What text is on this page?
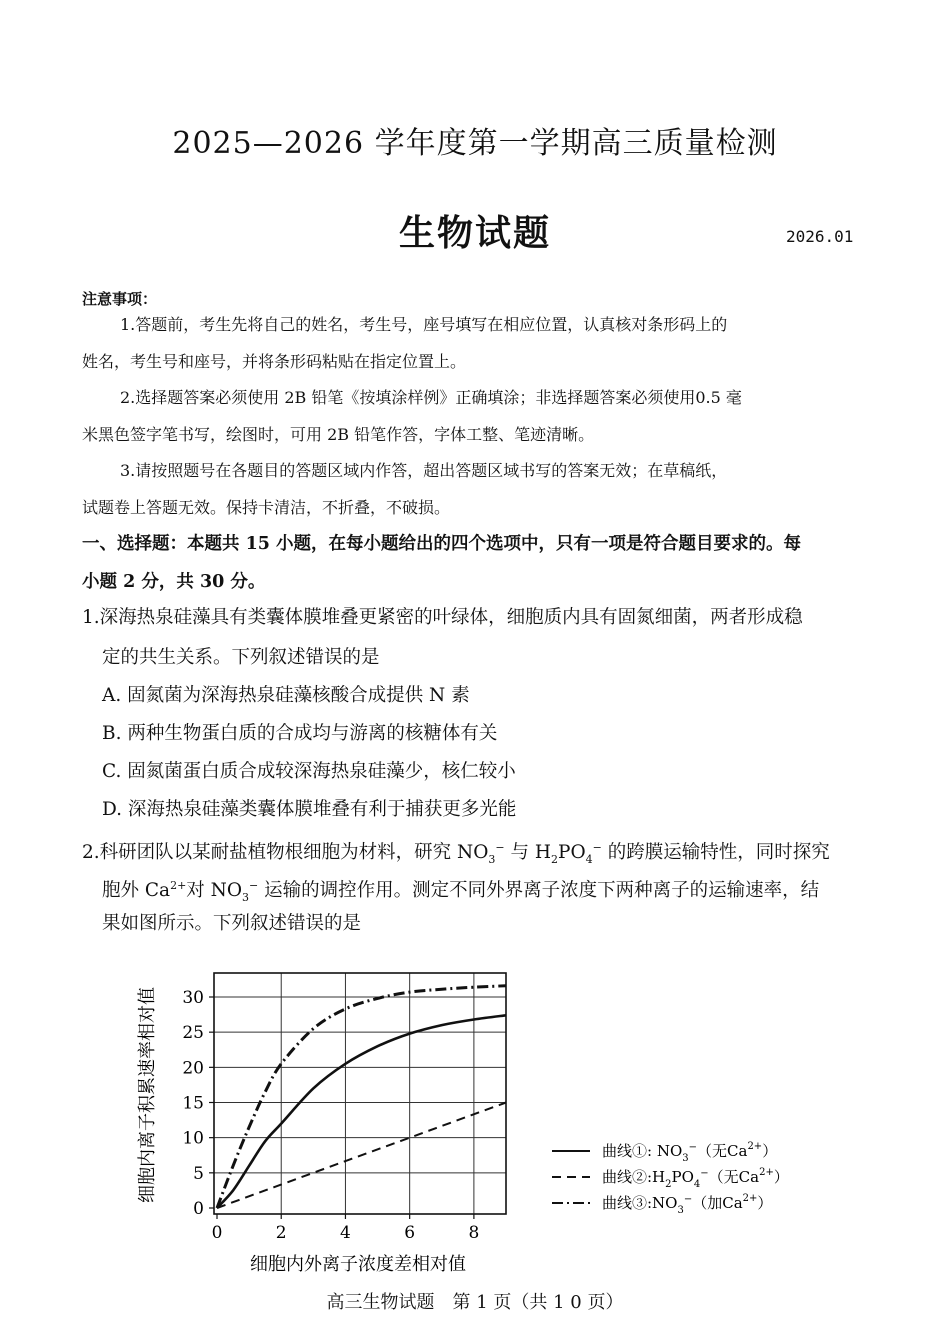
2025—2026 学年度第一学期高三质量检测
生物试题	2026.01
注意事项：
1.答题前，考生先将自己的姓名，考生号，座号填写在相应位置，认真核对条形码上的
姓名，考生号和座号，并将条形码粘贴在指定位置上。
2.选择题答案必须使用 2B 铅笔《按填涂样例》正确填涂；非选择题答案必须使用0.5 毫
米黑色签字笔书写，绘图时，可用 2B 铅笔作答，字体工整、笔迹清晰。
3.请按照题号在各题目的答题区域内作答，超出答题区域书写的答案无效；在草稿纸，
试题卷上答题无效。保持卡清洁，不折叠，不破损。
一、选择题：本题共 15 小题，在每小题给出的四个选项中，只有一项是符合题目要求的。每
小题 2 分，共 30 分。
1.深海热泉硅藻具有类囊体膜堆叠更紧密的叶绿体，细胞质内具有固氮细菌，两者形成稳
定的共生关系。下列叙述错误的是
A. 固氮菌为深海热泉硅藻核酸合成提供 N 素
B. 两种生物蛋白质的合成均与游离的核糖体有关
C. 固氮菌蛋白质合成较深海热泉硅藻少，核仁较小
D. 深海热泉硅藻类囊体膜堆叠有利于捕获更多光能
2.科研团队以某耐盐植物根细胞为材料，研究 $NO_3^-$ 与 $H_2PO_4^-$ 的跨膜运输特性，同时探究
胞外 $Ca^{2+}$对 $NO_3^-$ 运输的调控作用。测定不同外界离子浓度下两种离子的运输速率，结
果如图所示。下列叙述错误的是
0
5
10
15
20
25
30
0	2	4	6	8
细胞内离子积累速率相对值
细胞内外离子浓度差相对值
曲线①: $NO_3^-$（无$Ca^{2+}$）
曲线$②:H_2PO_4^-$（无$Ca^{2+}$）
曲线$③:NO_3^-$（加$Ca^{2+}$）
高三生物试题　第 1 页（共 1 0 页）
